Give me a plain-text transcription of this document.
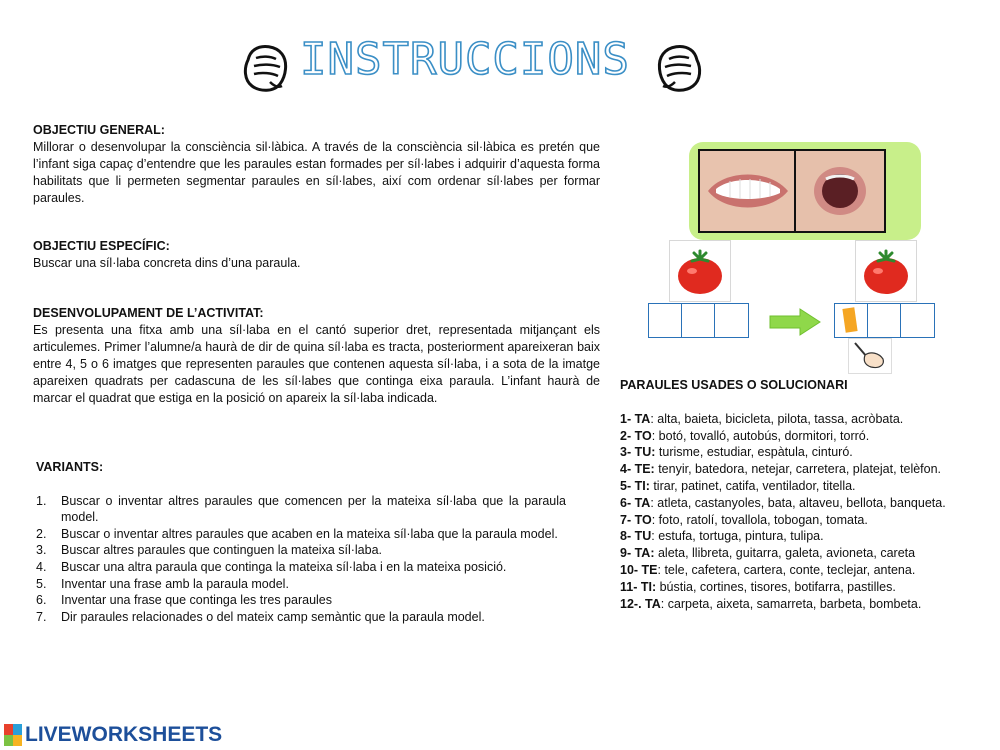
INSTRUCCIONS
OBJECTIU GENERAL:

Millorar o desenvolupar la consciència sil·làbica. A través de la consciència sil·làbica es pretén que l’infant siga capaç d’entendre que les paraules estan formades per síl·labes i adquirir d’aquesta forma habilitats que li permeten segmentar paraules en síl·labes, així com ordenar síl·labes per formar paraules.

OBJECTIU ESPECÍFIC:

Buscar una síl·laba concreta dins d’una paraula.

DESENVOLUPAMENT DE L’ACTIVITAT:

Es presenta una fitxa amb una síl·laba en el cantó superior dret, representada mitjançant els articulemes. Primer l’alumne/a haurà de dir de quina síl·laba es tracta, posteriorment apareixeran baix entre 4, 5 o 6 imatges que representen paraules que contenen aquesta síl·laba, i a sota de la imatge apareixen quadrats per cadascuna de les síl·labes que continga eixa paraula. L’infant haurà de marcar el quadrat que estiga en la posició on apareix la síl·laba indicada.

VARIANTS:
1. Buscar o inventar altres paraules que comencen per la mateixa síl·laba que la paraula model.
2. Buscar o inventar altres paraules que acaben en la mateixa síl·laba que la paraula model.
3. Buscar altres paraules que continguen la mateixa síl·laba.
4. Buscar una altra paraula que continga la mateixa síl·laba i en la mateixa posició.
5. Inventar una frase amb la paraula model.
6. Inventar una frase que continga les tres paraules
7. Dir paraules relacionades o del mateix camp semàntic que la paraula model.
PARAULES USADES O SOLUCIONARI
1- TA: alta, baieta, bicicleta, pilota, tassa, acròbata.
2- TO: botó, tovalló, autobús, dormitori, torró.
3- TU: turisme, estudiar, espàtula, cinturó.
4- TE: tenyir, batedora, netejar, carretera, platejat, telèfon.
5- TI: tirar, patinet, catifa, ventilador, titella.
6- TA: atleta, castanyoles, bata, altaveu, bellota, banqueta.
7- TO: foto, ratolí, tovallola, tobogan, tomata.
8- TU: estufa, tortuga, pintura, tulipa.
9- TA: aleta, llibreta, guitarra, galeta, avioneta, careta
10- TE: tele, cafetera, cartera, conte, teclejar, antena.
11- TI: bústia, cortines, tisores, botifarra, pastilles.
12-. TA: carpeta, aixeta, samarreta, barbeta, bombeta.
LIVEWORKSHEETS
